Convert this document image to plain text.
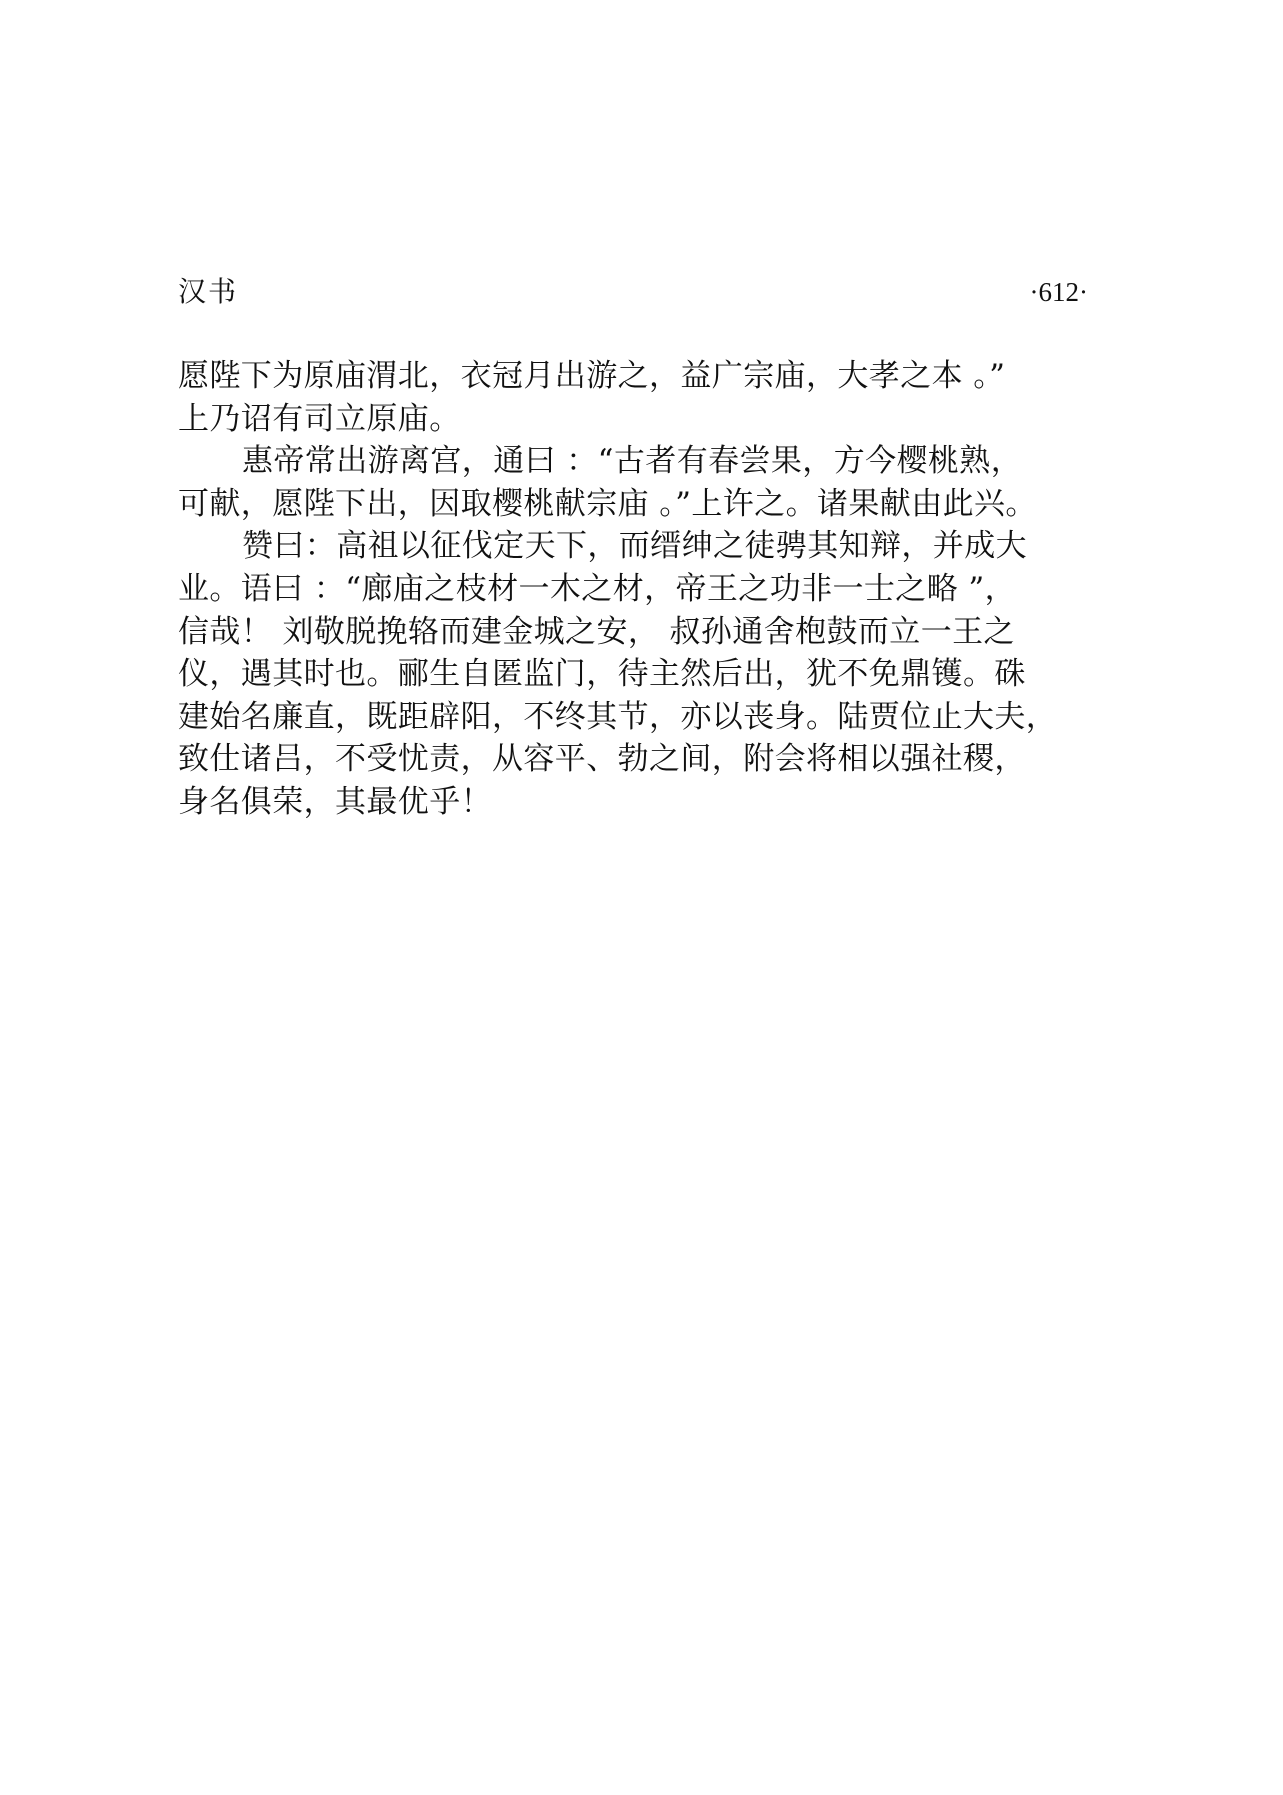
汉书	·612·
愿陛下为原庙渭北，衣冠月出游之，益广宗庙，大孝之本 。”
上乃诏有司立原庙。
惠帝常出游离宫，通曰 ：“古者有春尝果，方今樱桃熟，
可献，愿陛下出，因取樱桃献宗庙 。”上许之。诸果献由此兴。
赞曰：高祖以征伐定天下，而缙绅之徒骋其知辩，并成大
业。语曰 ：“廊庙之枝材一木之材，帝王之功非一士之略 ”，
信哉！ 刘敬脱挽辂而建金城之安， 叔孙通舍枹鼓而立一王之
仪，遇其时也。郦生自匿监门，待主然后出，犹不免鼎镬。硃
建始名廉直，既距辟阳，不终其节，亦以丧身。陆贾位止大夫，
致仕诸吕，不受忧责，从容平、勃之间，附会将相以强社稷，
身名俱荣，其最优乎！
